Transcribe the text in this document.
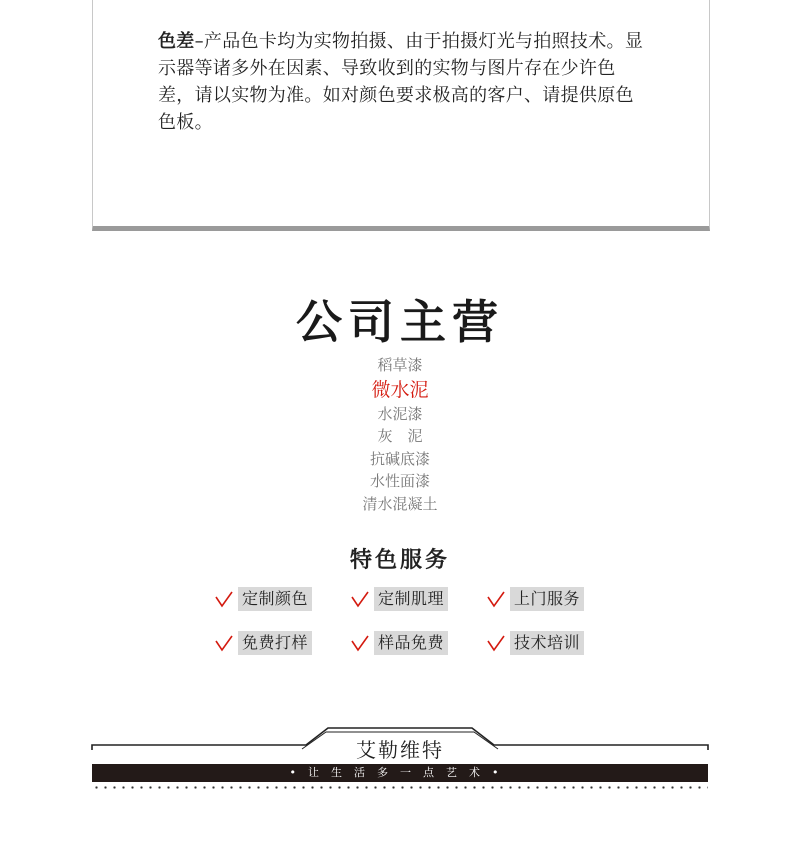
色差–产品色卡均为实物拍摄、由于拍摄灯光与拍照技术。显示器等诸多外在因素、导致收到的实物与图片存在少许色差，请以实物为准。如对颜色要求极高的客户、请提供原色色板。
公司主营
稻草漆
微水泥
水泥漆
灰　泥
抗碱底漆
水性面漆
清水混凝土
特色服务
定制颜色	定制肌理	上门服务
免费打样	样品免费	技术培训
艾勒维特
•让生活多一点艺术•
